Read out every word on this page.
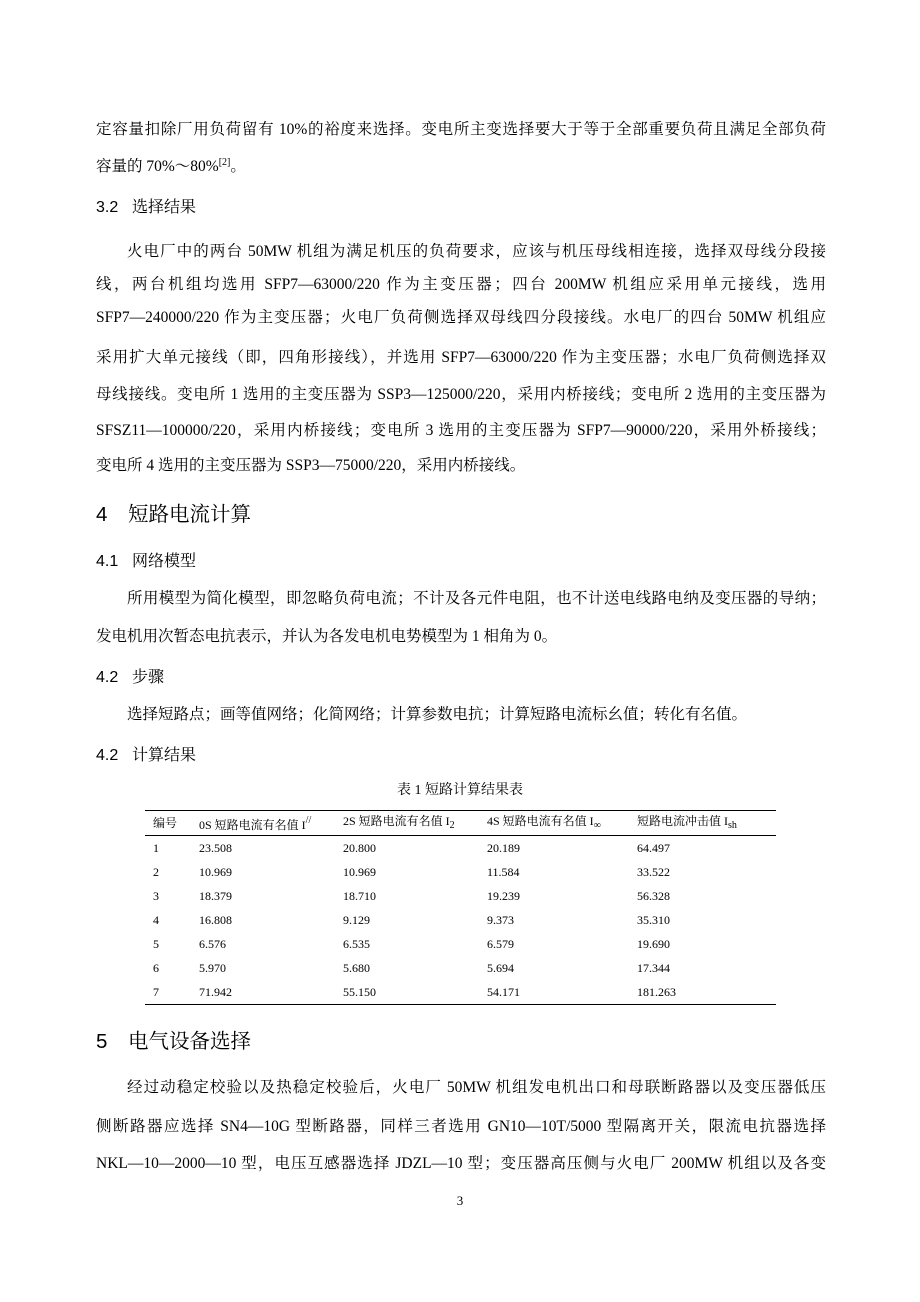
定容量扣除厂用负荷留有 10%的裕度来选择。变电所主变选择要大于等于全部重要负荷且满足全部负荷
容量的 70%～80%[2]。
3.2 选择结果
火电厂中的两台 50MW 机组为满足机压的负荷要求，应该与机压母线相连接，选择双母线分段接
线，两台机组均选用 SFP7—63000/220 作为主变压器；四台 200MW 机组应采用单元接线，选用
SFP7—240000/220 作为主变压器；火电厂负荷侧选择双母线四分段接线。水电厂的四台 50MW 机组应
采用扩大单元接线（即，四角形接线），并选用 SFP7—63000/220 作为主变压器；水电厂负荷侧选择双
母线接线。变电所 1 选用的主变压器为 SSP3—125000/220，采用内桥接线；变电所 2 选用的主变压器为
SFSZ11—100000/220，采用内桥接线；变电所 3 选用的主变压器为 SFP7—90000/220，采用外桥接线；
变电所 4 选用的主变压器为 SSP3—75000/220，采用内桥接线。
4 短路电流计算
4.1 网络模型
所用模型为简化模型，即忽略负荷电流；不计及各元件电阻，也不计送电线路电纳及变压器的导纳；
发电机用次暂态电抗表示，并认为各发电机电势模型为 1 相角为 0。
4.2 步骤
选择短路点；画等值网络；化简网络；计算参数电抗；计算短路电流标幺值；转化有名值。
4.2 计算结果
表 1 短路计算结果表
编号	0S 短路电流有名值 I//	2S 短路电流有名值 $I_2$	4S 短路电流有名值 $I_\infty$	短路电流冲击值 $I_{sh}$
1	23.508	20.800	20.189	64.497
2	10.969	10.969	11.584	33.522
3	18.379	18.710	19.239	56.328
4	16.808	9.129	9.373	35.310
5	6.576	6.535	6.579	19.690
6	5.970	5.680	5.694	17.344
7	71.942	55.150	54.171	181.263
5 电气设备选择
经过动稳定校验以及热稳定校验后，火电厂 50MW 机组发电机出口和母联断路器以及变压器低压
侧断路器应选择 SN4—10G 型断路器，同样三者选用 GN10—10T/5000 型隔离开关，限流电抗器选择
NKL—10—2000—10 型，电压互感器选择 JDZL—10 型；变压器高压侧与火电厂 200MW 机组以及各变
3
